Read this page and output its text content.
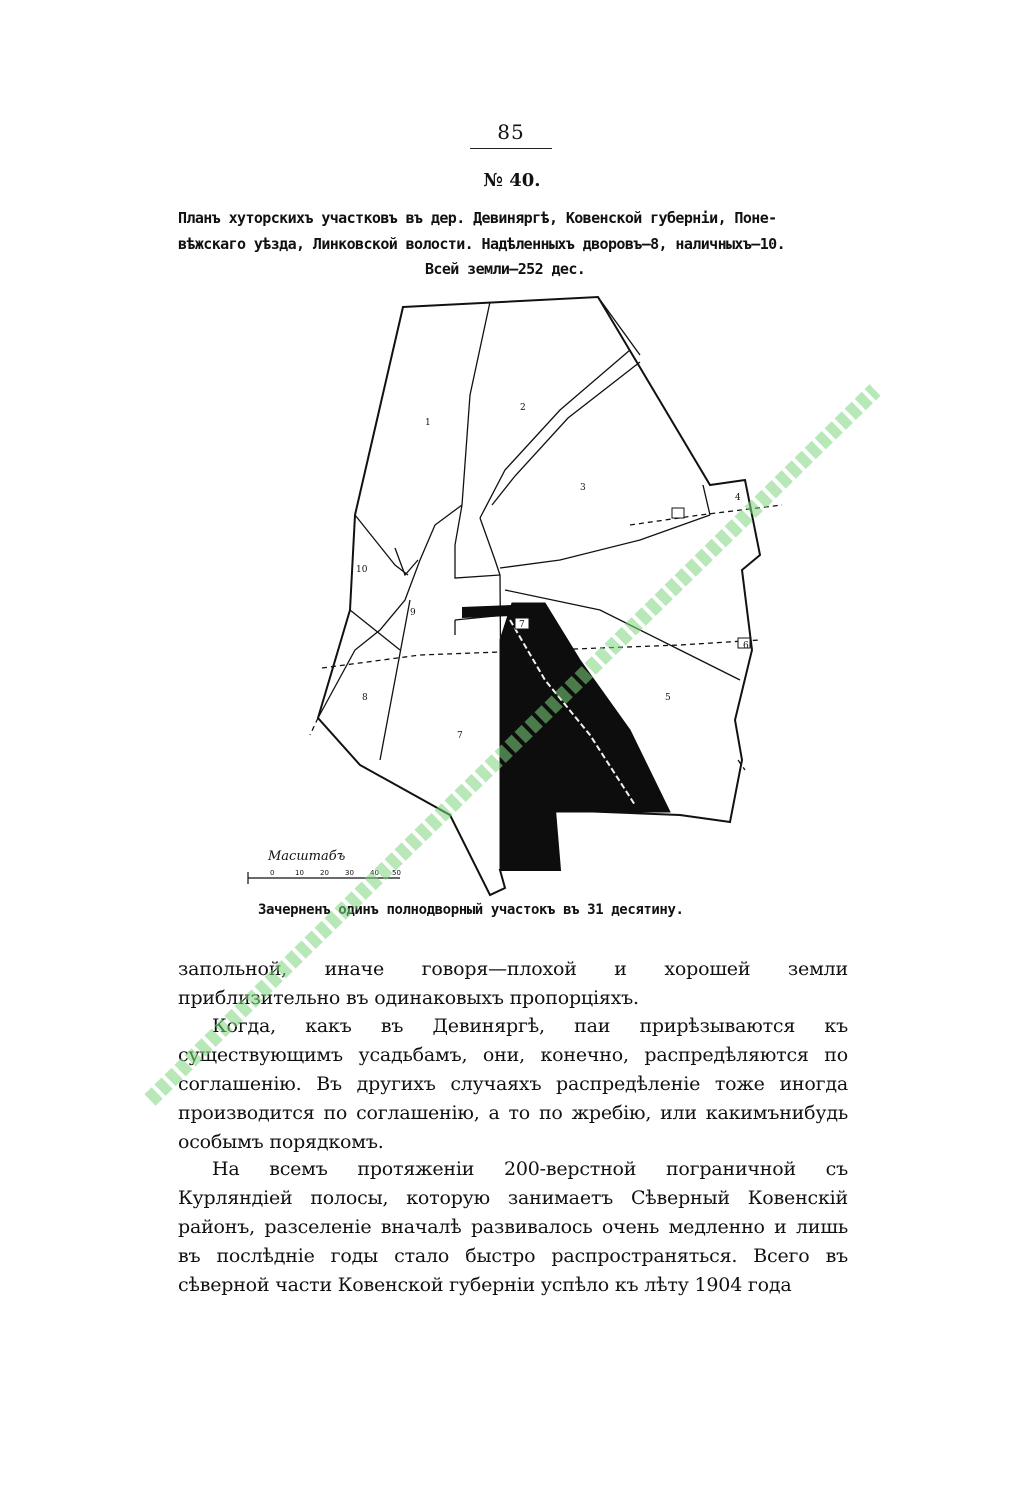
85
№ 40.
Планъ хуторскихъ участковъ въ дер. Девиняргѣ, Ковенской губерніи, Поне-
вѣжскаго уѣзда, Линковской волости. Надѣленныхъ дворовъ—8, наличныхъ—10.
Всей земли—252 дес.
1
2
3
4
5
6
7
8
9
10
7
Масштабъ
0	10 20 30 40 50
Зачерненъ одинъ полнодворный участокъ въ 31 десятину.
запольной, иначе говоря—плохой и хорошей земли приблизительно въ одинаковыхъ пропорціяхъ.
Когда, какъ въ Девиняргѣ, паи прирѣзываются къ существующимъ усадьбамъ, они, конечно, распредѣляются по соглашенію. Въ другихъ случаяхъ распредѣленіе тоже иногда производится по соглашенію, а то по жребію, или какимънибудь особымъ порядкомъ.
На всемъ протяженіи 200-верстной пограничной съ Курляндіей полосы, которую занимаетъ Сѣверный Ковенскій районъ, разселеніе вначалѣ развивалось очень медленно и лишь въ послѣдніе годы стало быстро распространяться. Всего въ сѣверной части Ковенской губерніи успѣло къ лѣту 1904 года
